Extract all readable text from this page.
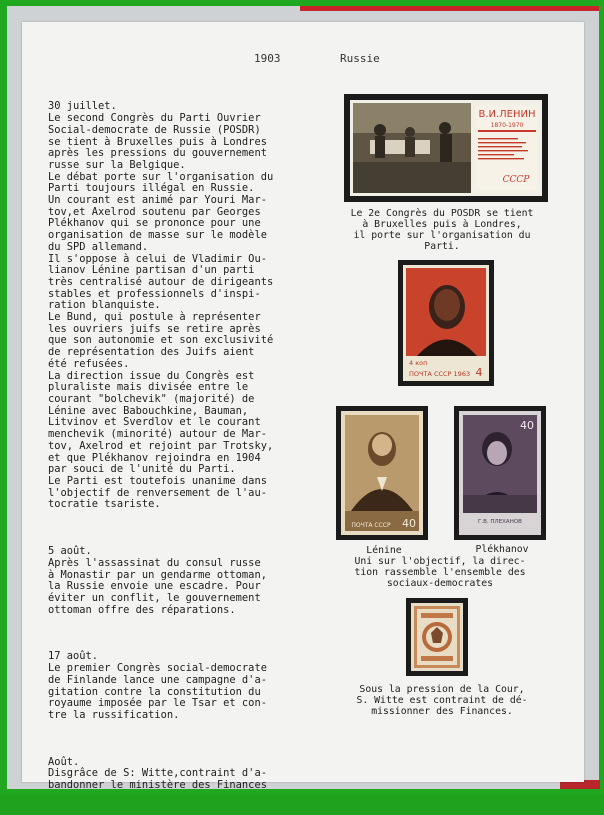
1903	Russie

30 juillet.
Le second Congrès du Parti Ouvrier
Social-democrate de Russie (POSDR)
se tient à Bruxelles puis à Londres
après les pressions du gouvernement
russe sur la Belgique.
Le débat porte sur l'organisation du
Parti toujours illégal en Russie.
Un courant est animé par Youri Mar-
tov,et Axelrod soutenu par Georges
Plékhanov qui se prononce pour une
organisation de masse sur le modèle
du SPD allemand.
Il s'oppose à celui de Vladimir Ou-
lianov Lénine partisan d'un parti
très centralisé autour de dirigeants
stables et professionnels d'inspi-
ration blanquiste.
Le Bund, qui postule à représenter
les ouvriers juifs se retire après
que son autonomie et son exclusivité
de représentation des Juifs aient
été refusées.
La direction issue du Congrès est
pluraliste mais divisée entre le
courant "bolchevik" (majorité) de
Lénine avec Babouchkine, Bauman,
Litvinov et Sverdlov et le courant
menchevik (minorité) autour de Mar-
tov, Axelrod et rejoint par Trotsky,
et que Plékhanov rejoindra en 1904
par souci de l'unité du Parti.
Le Parti est toutefois unanime dans
l'objectif de renversement de l'au-
tocratie tsariste.

5 août.
Après l'assassinat du consul russe
à Monastir par un gendarme ottoman,
la Russie envoie une escadre. Pour
éviter un conflit, le gouvernement
ottoman offre des réparations.

17 août.
Le premier Congrès social-democrate
de Finlande lance une campagne d'a-
gitation contre la constitution du
royaume imposée par le Tsar et con-
tre la russification.

Août.
Disgrâce de S: Witte,contraint d'a-
bandonner le ministère des Finances

В.И.ЛЕНИН
1870-1970
СССР
Le 2e Congrès du POSDR se tient
à Bruxelles puis à Londres,
il porte sur l'organisation du
Parti.
4 коп
ПОЧТА СССР 1963 4
ПОЧТА СССР 40
40
Г.В. ПЛЕХАНОВ
Lénine	Plékhanov
Uni sur l'objectif, la direc-
tion rassemble l'ensemble des
sociaux-democrates
Sous la pression de la Cour,
S. Witte est contraint de dé-
missionner des Finances.
